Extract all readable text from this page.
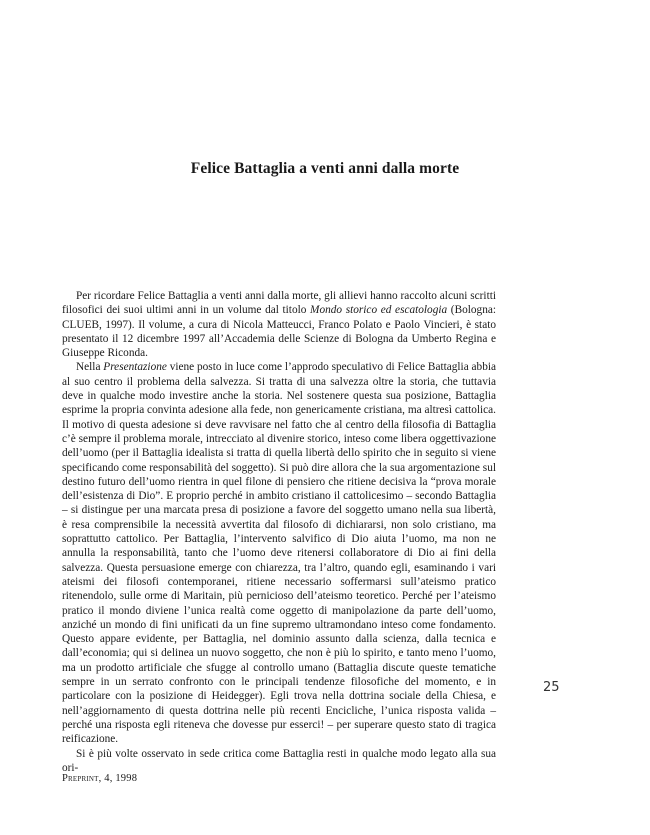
Felice Battaglia a venti anni dalla morte

Per ricordare Felice Battaglia a venti anni dalla morte, gli allievi hanno raccolto alcuni scritti filosofici dei suoi ultimi anni in un volume dal titolo Mondo storico ed escatologia (Bologna: CLUEB, 1997). Il volume, a cura di Nicola Matteucci, Franco Polato e Paolo Vincieri, è stato presentato il 12 dicembre 1997 all’Accademia delle Scienze di Bologna da Umberto Regina e Giuseppe Riconda.

Nella Presentazione viene posto in luce come l’approdo speculativo di Felice Battaglia abbia al suo centro il problema della salvezza. Si tratta di una salvezza oltre la storia, che tuttavia deve in qualche modo investire anche la storia. Nel sostenere questa sua posizione, Battaglia esprime la propria convinta adesione alla fede, non genericamente cristiana, ma altresì cattolica. Il motivo di questa adesione si deve ravvisare nel fatto che al centro della filosofia di Battaglia c’è sempre il problema morale, intrecciato al divenire storico, inteso come libera oggettivazione dell’uomo (per il Battaglia idealista si tratta di quella libertà dello spirito che in seguito si viene specificando come responsabilità del soggetto). Si può dire allora che la sua argomentazione sul destino futuro dell’uomo rientra in quel filone di pensiero che ritiene decisiva la “prova morale dell’esistenza di Dio”. E proprio perché in ambito cristiano il cattolicesimo – secondo Battaglia – si distingue per una marcata presa di posizione a favore del soggetto umano nella sua libertà, è resa comprensibile la necessità avvertita dal filosofo di dichiararsi, non solo cristiano, ma soprattutto cattolico. Per Battaglia, l’intervento salvifico di Dio aiuta l’uomo, ma non ne annulla la responsabilità, tanto che l’uomo deve ritenersi collaboratore di Dio ai fini della salvezza. Questa persuasione emerge con chiarezza, tra l’altro, quando egli, esaminando i vari ateismi dei filosofi contemporanei, ritiene necessario soffermarsi sull’ateismo pratico ritenendolo, sulle orme di Maritain, più pernicioso dell’ateismo teoretico. Perché per l’ateismo pratico il mondo diviene l’unica realtà come oggetto di manipolazione da parte dell’uomo, anziché un mondo di fini unificati da un fine supremo ultramondano inteso come fondamento. Questo appare evidente, per Battaglia, nel dominio assunto dalla scienza, dalla tecnica e dall’economia; qui si delinea un nuovo soggetto, che non è più lo spirito, e tanto meno l’uomo, ma un prodotto artificiale che sfugge al controllo umano (Battaglia discute queste tematiche sempre in un serrato confronto con le principali tendenze filosofiche del momento, e in particolare con la posizione di Heidegger). Egli trova nella dottrina sociale della Chiesa, e nell’aggiornamento di questa dottrina nelle più recenti Encicliche, l’unica risposta valida – perché una risposta egli riteneva che dovesse pur esserci! – per superare questo stato di tragica reificazione.

Si è più volte osservato in sede critica come Battaglia resti in qualche modo legato alla sua ori-

25
Preprint, 4, 1998
